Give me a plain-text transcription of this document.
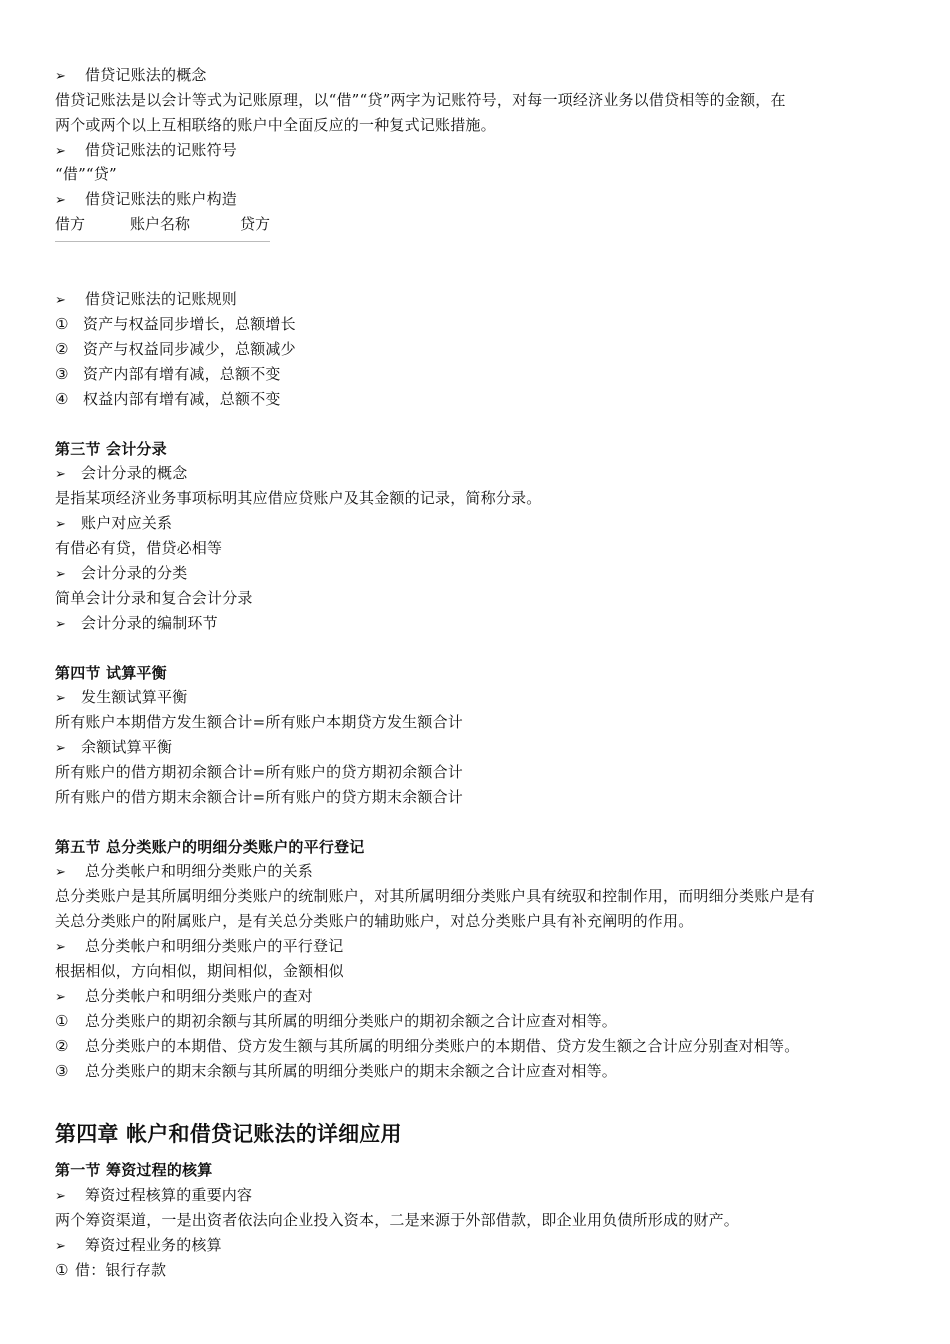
➢ 借贷记账法的概念
借贷记账法是以会计等式为记账原理，以“借”“贷”两字为记账符号，对每一项经济业务以借贷相等的金额，在
两个或两个以上互相联络的账户中全面反应的一种复式记账措施。
➢ 借贷记账法的记账符号
“借”“贷”
➢ 借贷记账法的账户构造
借方	账户名称	贷方
➢ 借贷记账法的记账规则
① 资产与权益同步增长，总额增长
② 资产与权益同步减少，总额减少
③ 资产内部有增有减，总额不变
④ 权益内部有增有减，总额不变
第三节 会计分录
➢ 会计分录的概念
是指某项经济业务事项标明其应借应贷账户及其金额的记录，简称分录。
➢ 账户对应关系
有借必有贷，借贷必相等
➢ 会计分录的分类
简单会计分录和复合会计分录
➢ 会计分录的编制环节
第四节 试算平衡
➢ 发生额试算平衡
所有账户本期借方发生额合计=所有账户本期贷方发生额合计
➢ 余额试算平衡
所有账户的借方期初余额合计=所有账户的贷方期初余额合计
所有账户的借方期末余额合计=所有账户的贷方期末余额合计
第五节 总分类账户的明细分类账户的平行登记
➢ 总分类帐户和明细分类账户的关系
总分类账户是其所属明细分类账户的统制账户，对其所属明细分类账户具有统驭和控制作用，而明细分类账户是有
关总分类账户的附属账户，是有关总分类账户的辅助账户，对总分类账户具有补充阐明的作用。
➢ 总分类帐户和明细分类账户的平行登记
根据相似，方向相似，期间相似，金额相似
➢ 总分类帐户和明细分类账户的查对
① 总分类账户的期初余额与其所属的明细分类账户的期初余额之合计应查对相等。
② 总分类账户的本期借、贷方发生额与其所属的明细分类账户的本期借、贷方发生额之合计应分别查对相等。
③ 总分类账户的期末余额与其所属的明细分类账户的期末余额之合计应查对相等。
第四章 帐户和借贷记账法的详细应用
第一节 筹资过程的核算
➢ 筹资过程核算的重要内容
两个筹资渠道，一是出资者依法向企业投入资本，二是来源于外部借款，即企业用负债所形成的财产。
➢ 筹资过程业务的核算
① 借：银行存款
